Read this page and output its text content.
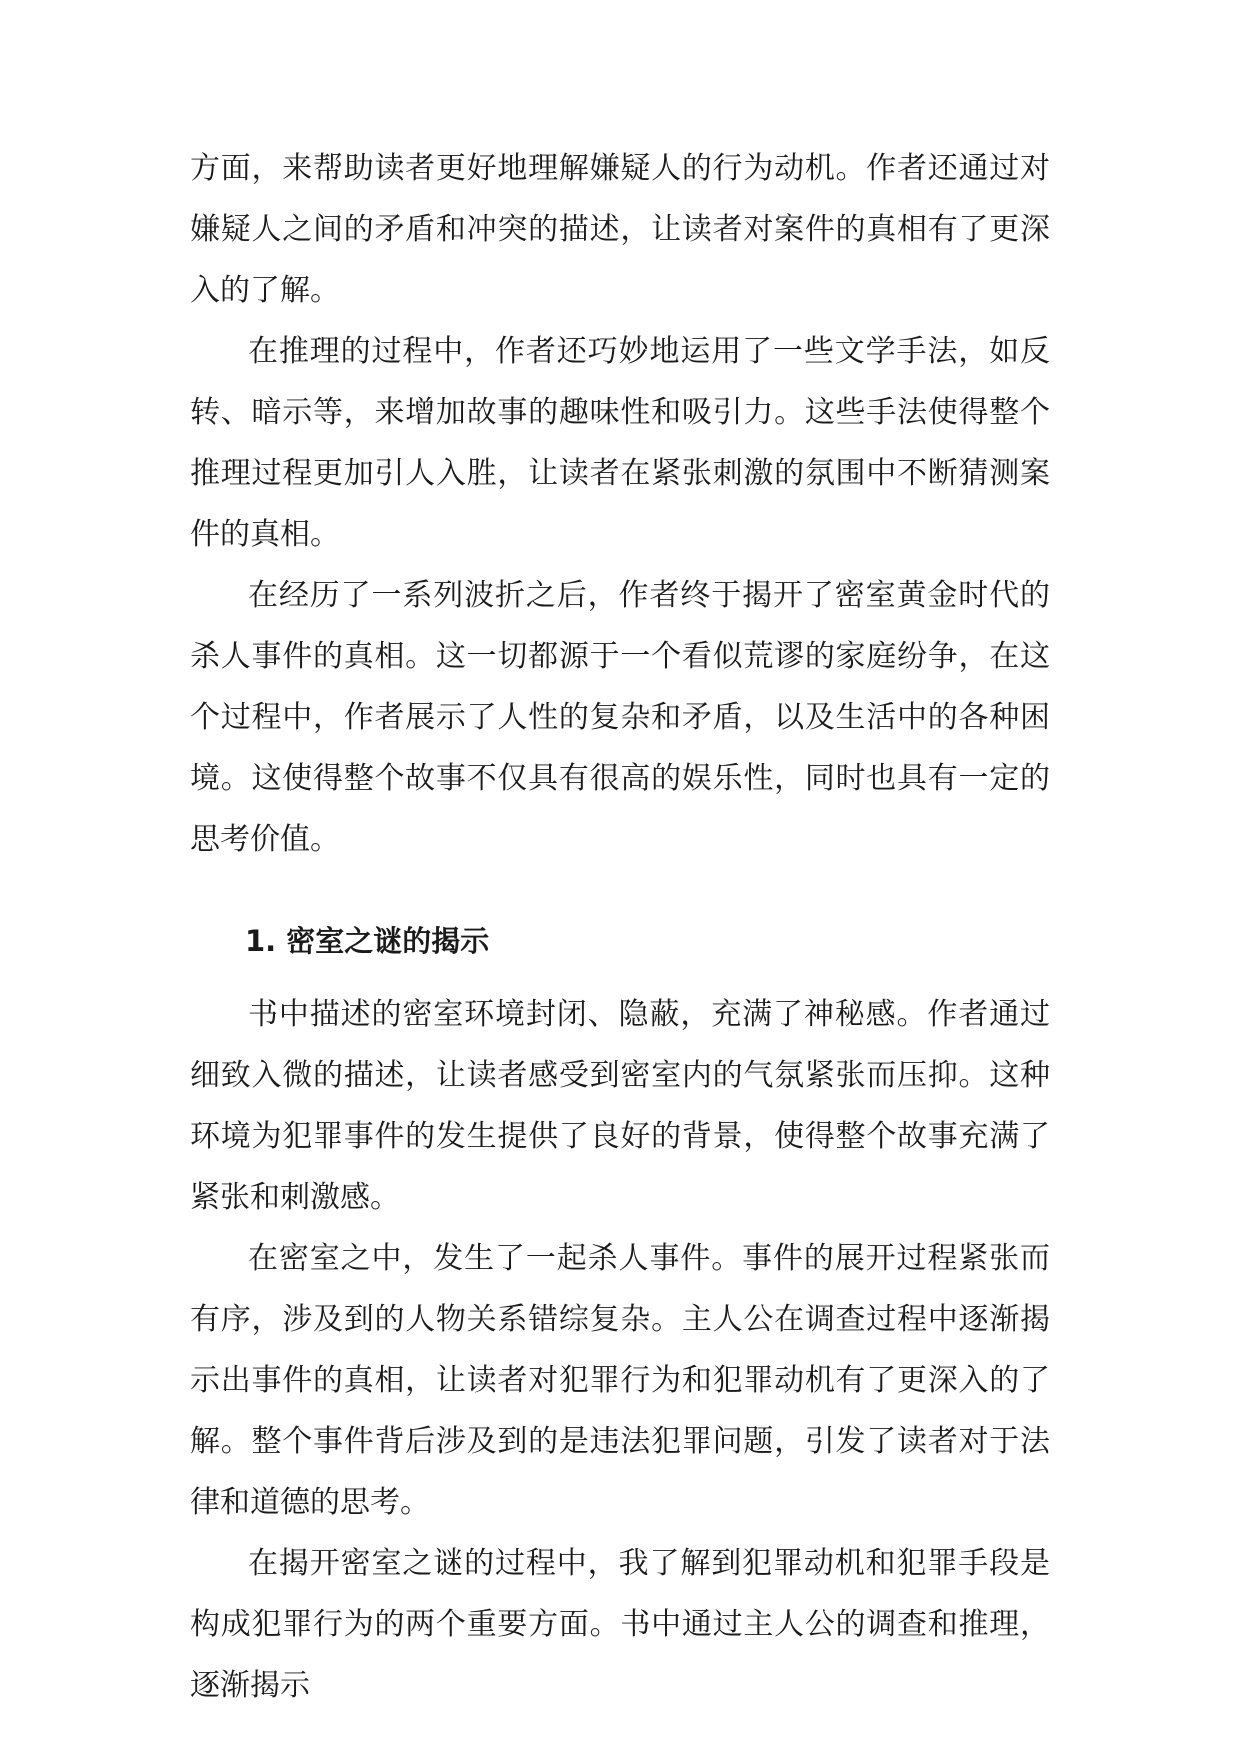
方面，来帮助读者更好地理解嫌疑人的行为动机。作者还通过对嫌疑人之间的矛盾和冲突的描述，让读者对案件的真相有了更深入的了解。

在推理的过程中，作者还巧妙地运用了一些文学手法，如反转、暗示等，来增加故事的趣味性和吸引力。这些手法使得整个推理过程更加引人入胜，让读者在紧张刺激的氛围中不断猜测案件的真相。

在经历了一系列波折之后，作者终于揭开了密室黄金时代的杀人事件的真相。这一切都源于一个看似荒谬的家庭纷争，在这个过程中，作者展示了人性的复杂和矛盾，以及生活中的各种困境。这使得整个故事不仅具有很高的娱乐性，同时也具有一定的思考价值。

1. 密室之谜的揭示

书中描述的密室环境封闭、隐蔽，充满了神秘感。作者通过细致入微的描述，让读者感受到密室内的气氛紧张而压抑。这种环境为犯罪事件的发生提供了良好的背景，使得整个故事充满了紧张和刺激感。

在密室之中，发生了一起杀人事件。事件的展开过程紧张而有序，涉及到的人物关系错综复杂。主人公在调查过程中逐渐揭示出事件的真相，让读者对犯罪行为和犯罪动机有了更深入的了解。整个事件背后涉及到的是违法犯罪问题，引发了读者对于法律和道德的思考。

在揭开密室之谜的过程中，我了解到犯罪动机和犯罪手段是构成犯罪行为的两个重要方面。书中通过主人公的调查和推理，逐渐揭示
